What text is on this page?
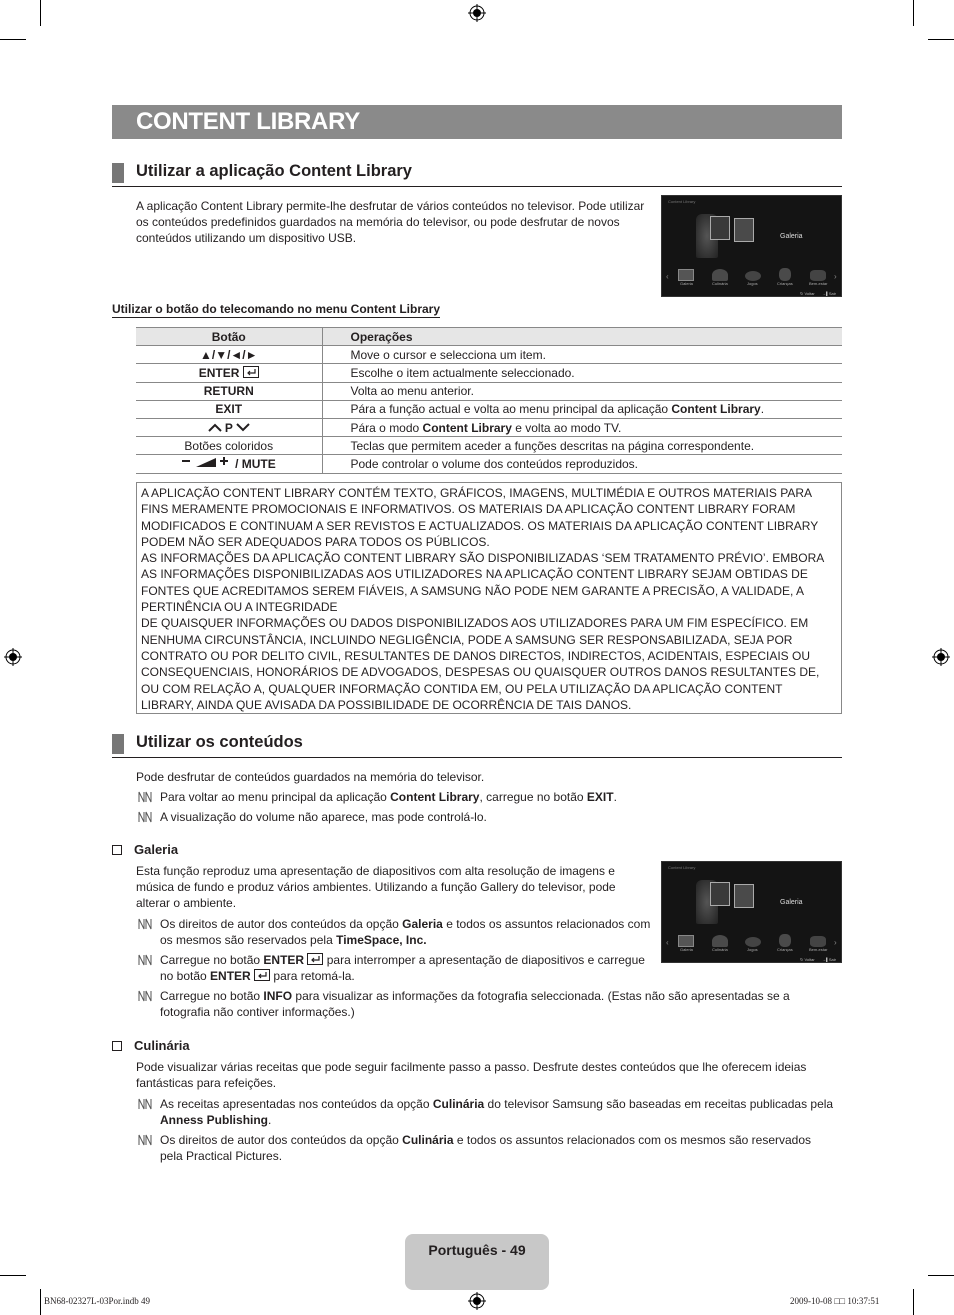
CONTENT LIBRARY
Utilizar a aplicação Content Library
A aplicação Content Library permite-lhe desfrutar de vários conteúdos no televisor. Pode utilizar os conteúdos predefinidos guardados na memória do televisor, ou pode desfrutar de novos conteúdos utilizando um dispositivo USB.
Content Library
Galeria
‹	›
Galeria	Culinária	Jogos	Crianças	Bem-estar
↻ Voltar →▌Sair
Utilizar o botão do telecomando no menu Content Library
Botão	Operações
▲/▼/◄/►	Move o cursor e selecciona um item.
ENTER	Escolhe o item actualmente seleccionado.
RETURN	Volta ao menu anterior.
EXIT	Pára a função actual e volta ao menu principal da aplicação Content Library.
P	Pára o modo Content Library e volta ao modo TV.
Botões coloridos	Teclas que permitem aceder a funções descritas na página correspondente.
/ MUTE	Pode controlar o volume dos conteúdos reproduzidos.
A APLICAÇÃO CONTENT LIBRARY CONTÉM TEXTO, GRÁFICOS, IMAGENS, MULTIMÉDIA E OUTROS MATERIAIS PARA FINS MERAMENTE PROMOCIONAIS E INFORMATIVOS. OS MATERIAIS DA APLICAÇÃO CONTENT LIBRARY FORAM MODIFICADOS E CONTINUAM A SER REVISTOS E ACTUALIZADOS. OS MATERIAIS DA APLICAÇÃO CONTENT LIBRARY PODEM NÃO SER ADEQUADOS PARA TODOS OS PÚBLICOS.
AS INFORMAÇÕES DA APLICAÇÃO CONTENT LIBRARY SÃO DISPONIBILIZADAS ‘SEM TRATAMENTO PRÉVIO’. EMBORA AS INFORMAÇÕES DISPONIBILIZADAS AOS UTILIZADORES NA APLICAÇÃO CONTENT LIBRARY SEJAM OBTIDAS DE FONTES QUE ACREDITAMOS SEREM FIÁVEIS, A SAMSUNG NÃO PODE NEM GARANTE A PRECISÃO, A VALIDADE, A PERTINÊNCIA OU A INTEGRIDADE
DE QUAISQUER INFORMAÇÕES OU DADOS DISPONIBILIZADOS AOS UTILIZADORES PARA UM FIM ESPECÍFICO. EM NENHUMA CIRCUNSTÂNCIA, INCLUINDO NEGLIGÊNCIA, PODE A SAMSUNG SER RESPONSABILIZADA, SEJA POR CONTRATO OU POR DELITO CIVIL, RESULTANTES DE DANOS DIRECTOS, INDIRECTOS, ACIDENTAIS, ESPECIAIS OU CONSEQUENCIAIS, HONORÁRIOS DE ADVOGADOS, DESPESAS OU QUAISQUER OUTROS DANOS RESULTANTES DE, OU COM RELAÇÃO A, QUALQUER INFORMAÇÃO CONTIDA EM, OU PELA UTILIZAÇÃO DA APLICAÇÃO CONTENT LIBRARY, AINDA QUE AVISADA DA POSSIBILIDADE DE OCORRÊNCIA DE TAIS DANOS.
Utilizar os conteúdos
Pode desfrutar de conteúdos guardados na memória do televisor.
Para voltar ao menu principal da aplicação Content Library, carregue no botão EXIT.
A visualização do volume não aparece, mas pode controlá-lo.
Galeria
Esta função reproduz uma apresentação de diapositivos com alta resolução de imagens e música de fundo e produz vários ambientes. Utilizando a função Gallery do televisor, pode alterar o ambiente.
Content Library
Galeria
‹	›
Galeria	Culinária	Jogos	Crianças	Bem-estar
↻ Voltar →▌Sair
Os direitos de autor dos conteúdos da opção Galeria e todos os assuntos relacionados com os mesmos são reservados pela TimeSpace, Inc.
Carregue no botão ENTER  para interromper a apresentação de diapositivos e carregue no botão ENTER  para retomá-la.
Carregue no botão INFO para visualizar as informações da fotografia seleccionada. (Estas não são apresentadas se a fotografia não contiver informações.)
Culinária
Pode visualizar várias receitas que pode seguir facilmente passo a passo. Desfrute destes conteúdos que lhe oferecem ideias fantásticas para refeições.
As receitas apresentadas nos conteúdos da opção Culinária do televisor Samsung são baseadas em receitas publicadas pela Anness Publishing.
Os direitos de autor dos conteúdos da opção Culinária e todos os assuntos relacionados com os mesmos são reservados pela Practical Pictures.
Português - 49
BN68-02327L-03Por.indb 49	2009-10-08 □□ 10:37:51
